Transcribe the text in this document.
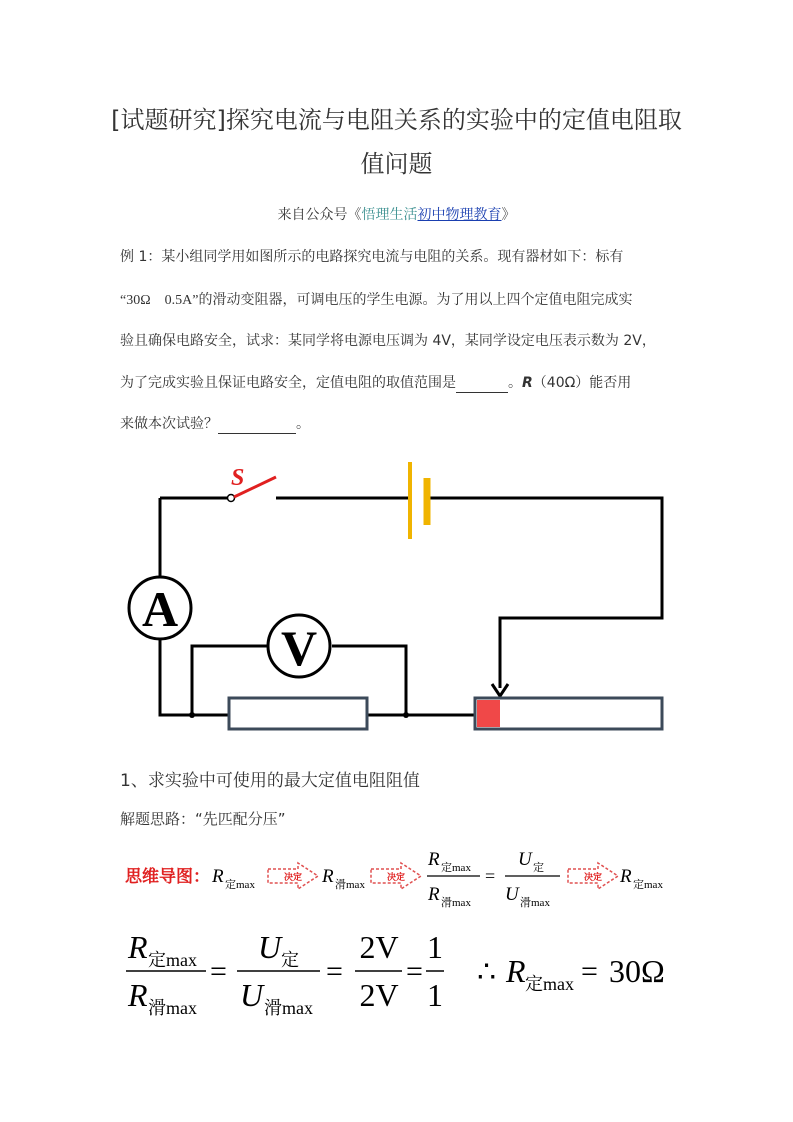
[试题研究]探究电流与电阻关系的实验中的定值电阻取
值问题
来自公众号《悟理生活初中物理教育》
例 1：某小组同学用如图所示的电路探究电流与电阻的关系。现有器材如下：标有
“30Ω　0.5A”的滑动变阻器，可调电压的学生电源。为了用以上四个定值电阻完成实
验且确保电路安全，试求：某同学将电源电压调为 4V，某同学设定电压表示数为 2V，
为了完成实验且保证电路安全，定值电阻的取值范围是	。R（40Ω）能否用
来做本次试验？	。
S
A
V
1、求实验中可使用的最大定值电阻阻值
解题思路：“先匹配分压”
思维导图： R 定max
决定 R 滑max
决定
R 定max
R 滑max
=
U 定
U 滑max
决定 R 定max
R 定max
R 滑max
=
U 定
U 滑max
=
2V
2V
=
1
1
∴ R 定max = 30Ω
